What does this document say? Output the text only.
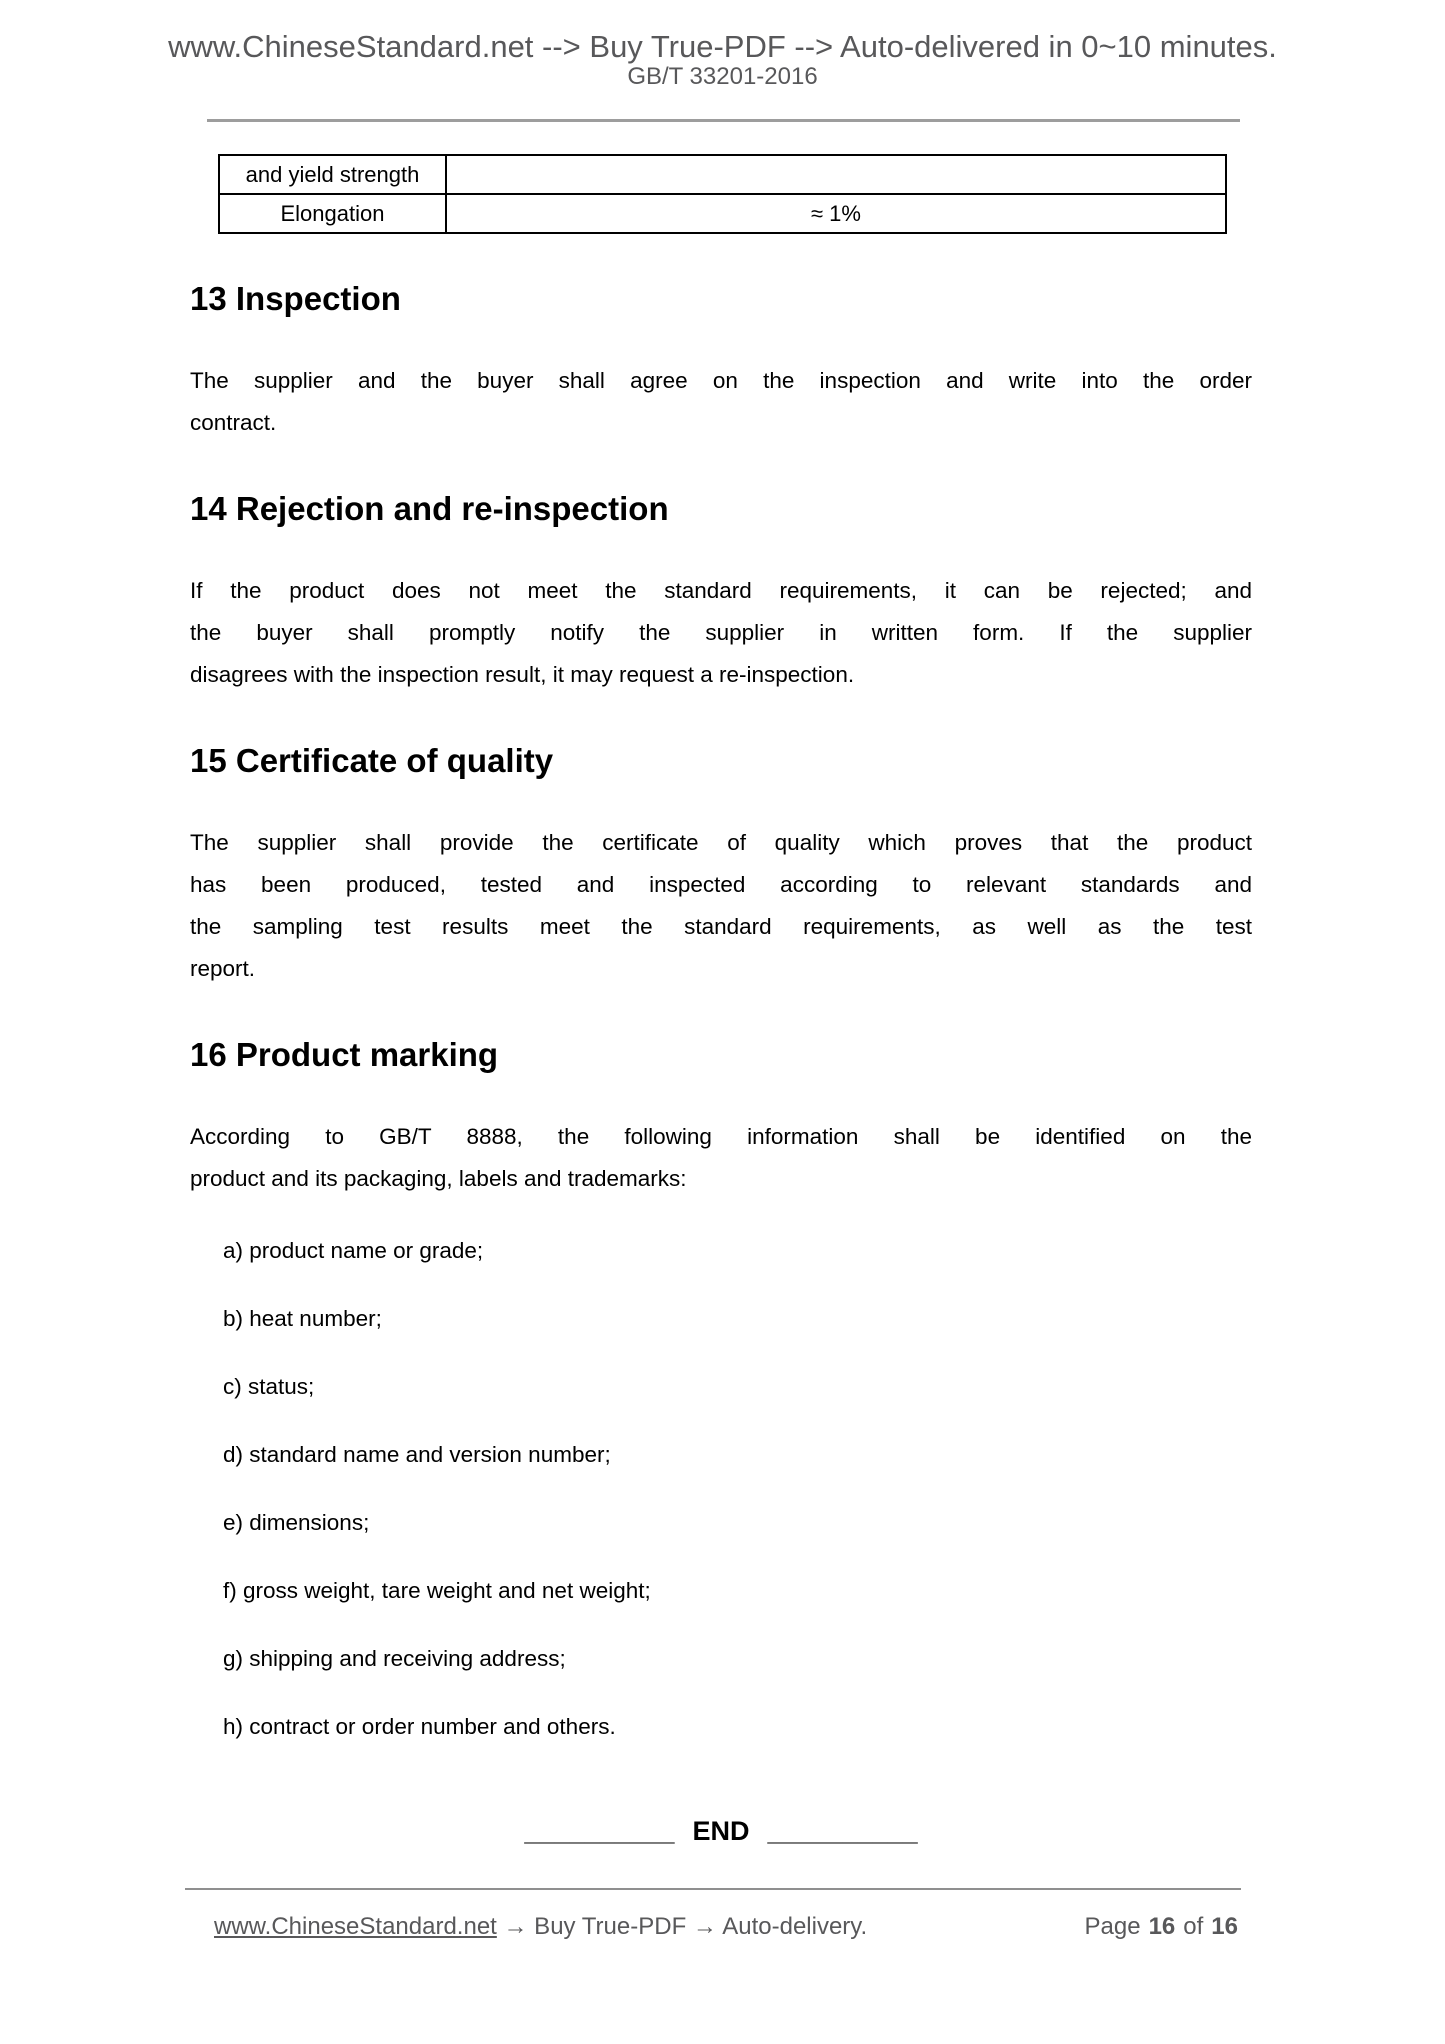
www.ChineseStandard.net --> Buy True-PDF --> Auto-delivered in 0~10 minutes.
GB/T 33201-2016
and yield strength	
Elongation	≈ 1%
13 Inspection
The supplier and the buyer shall agree on the inspection and write into the order
contract.
14 Rejection and re-inspection
If the product does not meet the standard requirements, it can be rejected; and
the buyer shall promptly notify the supplier in written form. If the supplier
disagrees with the inspection result, it may request a re-inspection.
15 Certificate of quality
The supplier shall provide the certificate of quality which proves that the product
has been produced, tested and inspected according to relevant standards and
the sampling test results meet the standard requirements, as well as the test
report.
16 Product marking
According to GB/T 8888, the following information shall be identified on the
product and its packaging, labels and trademarks:
a) product name or grade;
b) heat number;
c) status;
d) standard name and version number;
e) dimensions;
f) gross weight, tare weight and net weight;
g) shipping and receiving address;
h) contract or order number and others.
__________ END __________
www.ChineseStandard.net → Buy True-PDF → Auto-delivery.	Page 16 of 16
